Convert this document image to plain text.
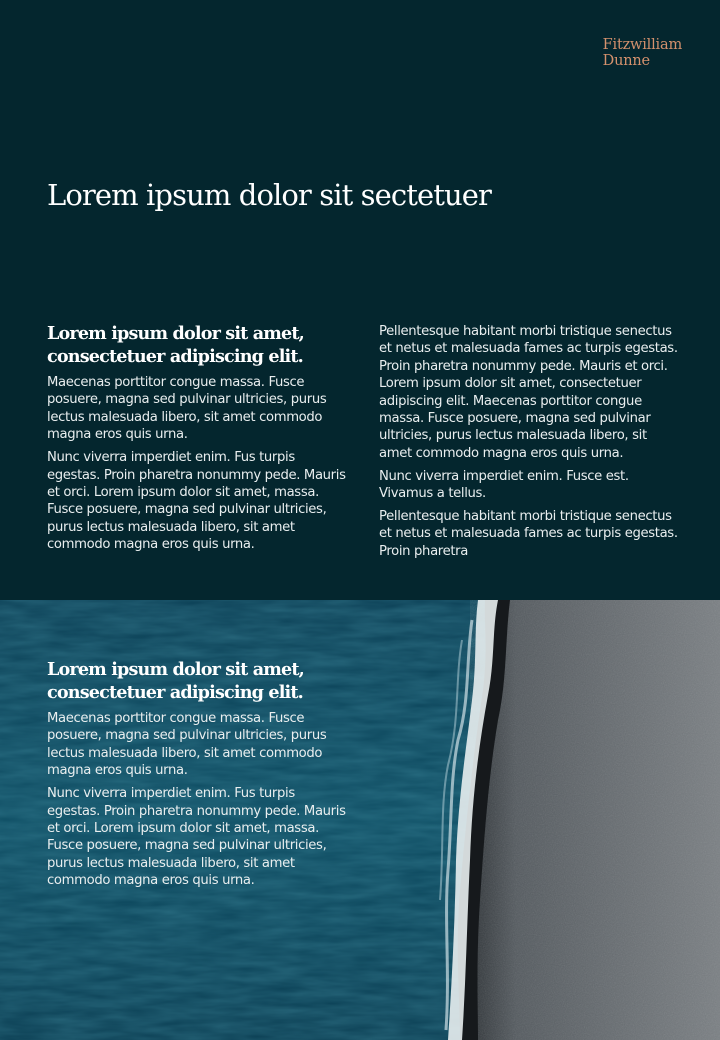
Fitzwilliam
Dunne
Lorem ipsum dolor sit sectetuer
Lorem ipsum dolor sit amet, consectetuer adipiscing elit.

Maecenas porttitor congue massa. Fusce posuere, magna sed pulvinar ultricies, purus lectus malesuada libero, sit amet commodo magna eros quis urna.

Nunc viverra imperdiet enim. Fus turpis egestas. Proin pharetra nonummy pede. Mauris et orci. Lorem ipsum dolor sit amet, massa. Fusce posuere, magna sed pulvinar ultricies, purus lectus malesuada libero, sit amet commodo magna eros quis urna.

Pellentesque habitant morbi tristique senectus et netus et malesuada fames ac turpis egestas. Proin pharetra nonummy pede. Mauris et orci. Lorem ipsum dolor sit amet, consectetuer adipiscing elit. Maecenas porttitor congue massa. Fusce posuere, magna sed pulvinar ultricies, purus lectus malesuada libero, sit amet commodo magna eros quis urna.

Nunc viverra imperdiet enim. Fusce est. Vivamus a tellus.

Pellentesque habitant morbi tristique senectus et netus et malesuada fames ac turpis egestas. Proin pharetra

Lorem ipsum dolor sit amet, consectetuer adipiscing elit.

Maecenas porttitor congue massa. Fusce posuere, magna sed pulvinar ultricies, purus lectus malesuada libero, sit amet commodo magna eros quis urna.

Nunc viverra imperdiet enim. Fus turpis egestas. Proin pharetra nonummy pede. Mauris et orci. Lorem ipsum dolor sit amet, massa. Fusce posuere, magna sed pulvinar ultricies, purus lectus malesuada libero, sit amet commodo magna eros quis urna.
